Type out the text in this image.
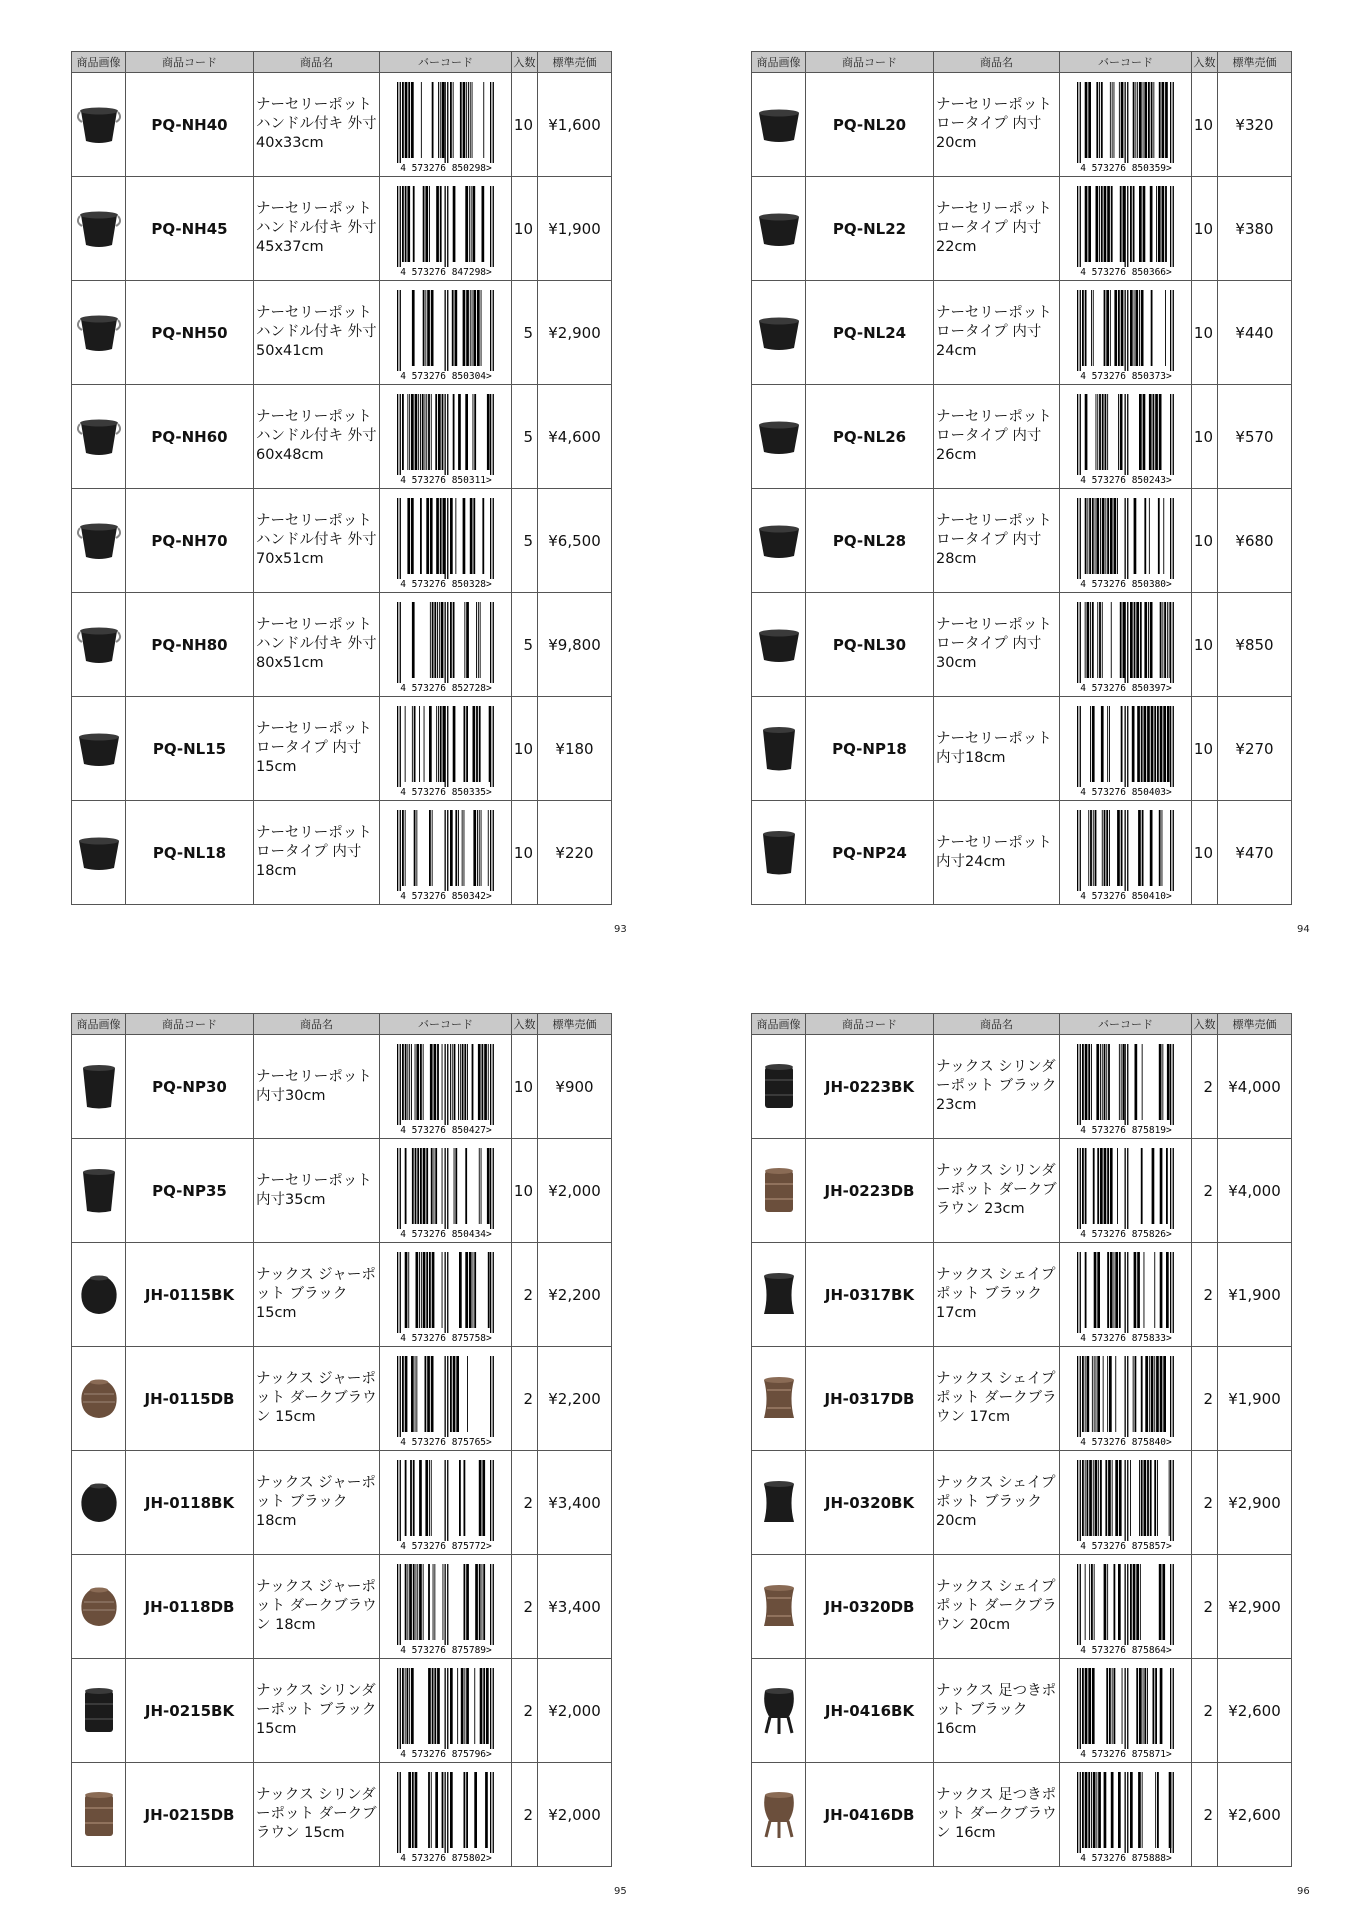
商品画像	商品コード	商品名	バーコード	入数	標準売価

	PQ-NH40	ナーセリーポット ハンドル付キ 外寸40x33cm	4 573276 850298>	10	¥1,600

	PQ-NH45	ナーセリーポット ハンドル付キ 外寸45x37cm	4 573276 847298>	10	¥1,900

	PQ-NH50	ナーセリーポット ハンドル付キ 外寸50x41cm	4 573276 850304>	5	¥2,900

	PQ-NH60	ナーセリーポット ハンドル付キ 外寸60x48cm	4 573276 850311>	5	¥4,600

	PQ-NH70	ナーセリーポット ハンドル付キ 外寸70x51cm	4 573276 850328>	5	¥6,500

	PQ-NH80	ナーセリーポット ハンドル付キ 外寸80x51cm	4 573276 852728>	5	¥9,800

	PQ-NL15	ナーセリーポット ロータイプ 内寸15cm	4 573276 850335>	10	¥180

	PQ-NL18	ナーセリーポット ロータイプ 内寸18cm	4 573276 850342>	10	¥220
93
商品画像	商品コード	商品名	バーコード	入数	標準売価

	PQ-NL20	ナーセリーポット ロータイプ 内寸20cm	4 573276 850359>	10	¥320

	PQ-NL22	ナーセリーポット ロータイプ 内寸22cm	4 573276 850366>	10	¥380

	PQ-NL24	ナーセリーポット ロータイプ 内寸24cm	4 573276 850373>	10	¥440

	PQ-NL26	ナーセリーポット ロータイプ 内寸26cm	4 573276 850243>	10	¥570

	PQ-NL28	ナーセリーポット ロータイプ 内寸28cm	4 573276 850380>	10	¥680

	PQ-NL30	ナーセリーポット ロータイプ 内寸30cm	4 573276 850397>	10	¥850

	PQ-NP18	ナーセリーポット 内寸18cm	4 573276 850403>	10	¥270

	PQ-NP24	ナーセリーポット 内寸24cm	4 573276 850410>	10	¥470
94
商品画像	商品コード	商品名	バーコード	入数	標準売価

	PQ-NP30	ナーセリーポット 内寸30cm	4 573276 850427>	10	¥900

	PQ-NP35	ナーセリーポット 内寸35cm	4 573276 850434>	10	¥2,000

	JH-0115BK	ナックス ジャーポット ブラック 15cm	4 573276 875758>	2	¥2,200

	JH-0115DB	ナックス ジャーポット ダークブラウン 15cm	4 573276 875765>	2	¥2,200

	JH-0118BK	ナックス ジャーポット ブラック 18cm	4 573276 875772>	2	¥3,400

	JH-0118DB	ナックス ジャーポット ダークブラウン 18cm	4 573276 875789>	2	¥3,400

	JH-0215BK	ナックス シリンダーポット ブラック 15cm	4 573276 875796>	2	¥2,000

	JH-0215DB	ナックス シリンダーポット ダークブラウン 15cm	4 573276 875802>	2	¥2,000
95
商品画像	商品コード	商品名	バーコード	入数	標準売価

	JH-0223BK	ナックス シリンダーポット ブラック 23cm	4 573276 875819>	2	¥4,000

	JH-0223DB	ナックス シリンダーポット ダークブラウン 23cm	4 573276 875826>	2	¥4,000

	JH-0317BK	ナックス シェイプポット ブラック 17cm	4 573276 875833>	2	¥1,900

	JH-0317DB	ナックス シェイプポット ダークブラウン 17cm	4 573276 875840>	2	¥1,900

	JH-0320BK	ナックス シェイプポット ブラック 20cm	4 573276 875857>	2	¥2,900

	JH-0320DB	ナックス シェイプポット ダークブラウン 20cm	4 573276 875864>	2	¥2,900

	JH-0416BK	ナックス 足つきポット ブラック 16cm	4 573276 875871>	2	¥2,600

	JH-0416DB	ナックス 足つきポット ダークブラウン 16cm	4 573276 875888>	2	¥2,600
96
